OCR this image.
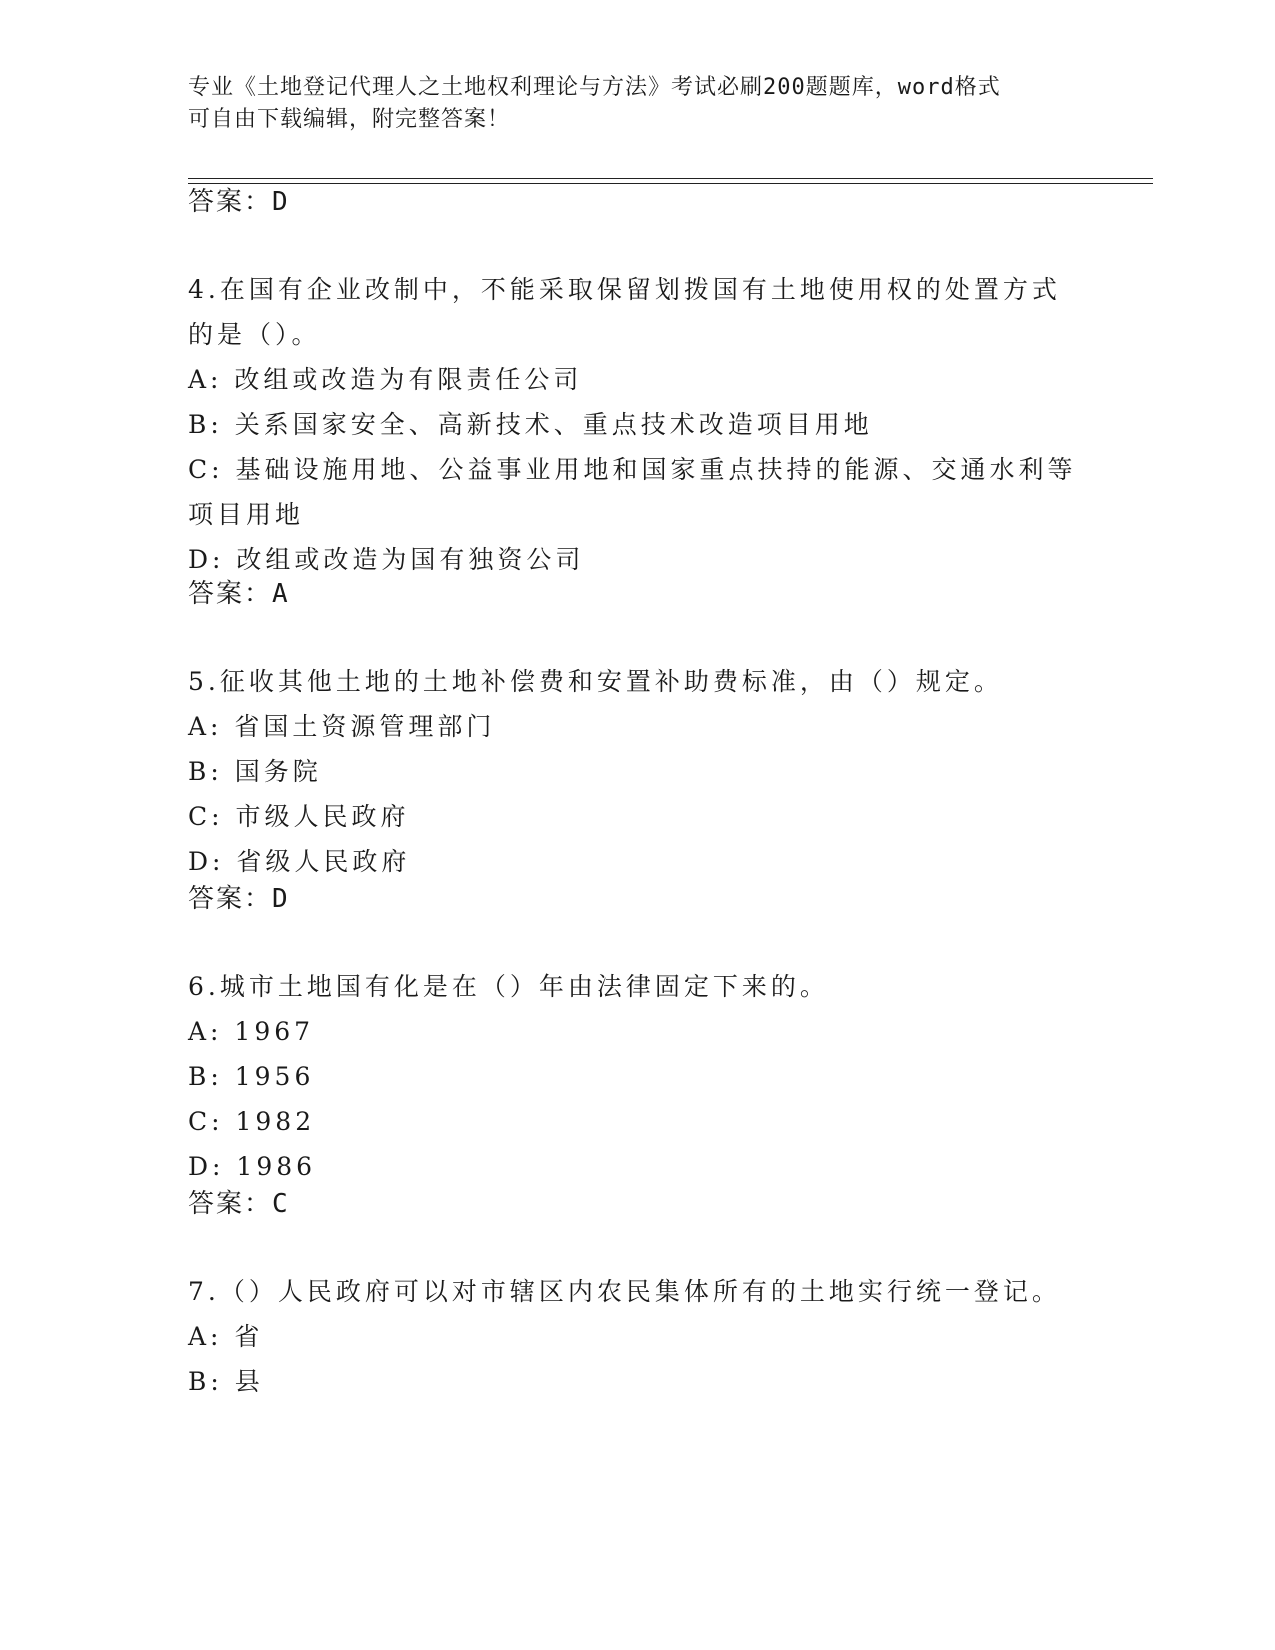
专业《土地登记代理人之土地权利理论与方法》考试必刷200题题库，word格式
可自由下载编辑，附完整答案！
答案：D
4.在国有企业改制中，不能采取保留划拨国有土地使用权的处置方式
的是（）。
A: 改组或改造为有限责任公司
B: 关系国家安全、高新技术、重点技术改造项目用地
C: 基础设施用地、公益事业用地和国家重点扶持的能源、交通水利等
项目用地
D: 改组或改造为国有独资公司
答案：A
5.征收其他土地的土地补偿费和安置补助费标准，由（）规定。
A: 省国土资源管理部门
B: 国务院
C: 市级人民政府
D: 省级人民政府
答案：D
6.城市土地国有化是在（）年由法律固定下来的。
A: 1967
B: 1956
C: 1982
D: 1986
答案：C
7.（）人民政府可以对市辖区内农民集体所有的土地实行统一登记。
A: 省
B: 县
